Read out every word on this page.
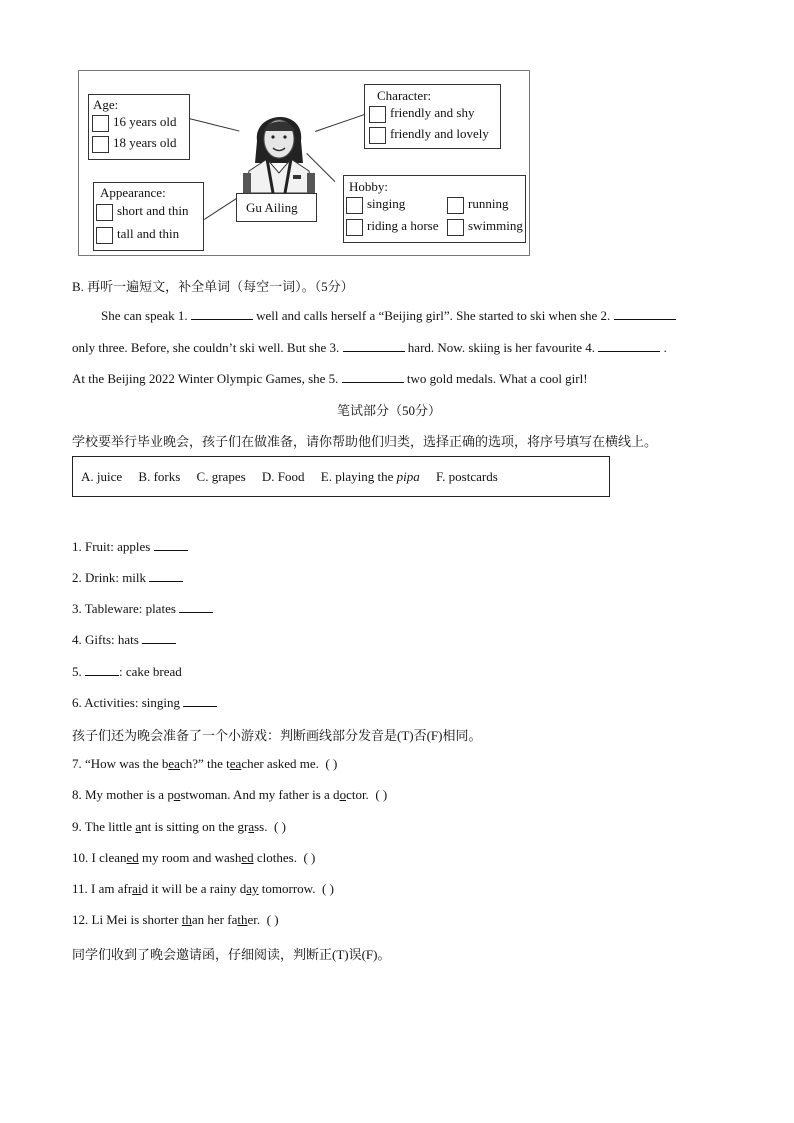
Age:
16 years old
18 years old
Appearance:
short and thin
tall and thin
Gu Ailing
Character:
friendly and shy
friendly and lovely
Hobby:
singing	running
riding a horse	swimming
B. 再听一遍短文，补全单词（每空一词）。（5分）
She can speak 1.	well and calls herself a “Beijing girl”. She started to ski when she 2.
only three. Before, she couldn’t ski well. But she 3.	hard. Now. skiing is her favourite 4.	.
At the Beijing 2022 Winter Olympic Games, she 5.	two gold medals. What a cool girl!
笔试部分（50分）
学校要举行毕业晚会，孩子们在做准备，请你帮助他们归类，选择正确的选项，将序号填写在横线上。
A. juice B. forks C. grapes D. Food E. playing the pipa F. postcards
1. Fruit: apples
2. Drink: milk
3. Tableware: plates
4. Gifts: hats
5.	: cake bread
6. Activities: singing
孩子们还为晚会准备了一个小游戏：判断画线部分发音是(T)否(F)相同。
7. “How was the beach?” the teacher asked me. ( )
8. My mother is a postwoman. And my father is a doctor. ( )
9. The little ant is sitting on the grass. ( )
10. I cleaned my room and washed clothes. ( )
11. I am afraid it will be a rainy day tomorrow. ( )
12. Li Mei is shorter than her father. ( )
同学们收到了晚会邀请函，仔细阅读，判断正(T)误(F)。
